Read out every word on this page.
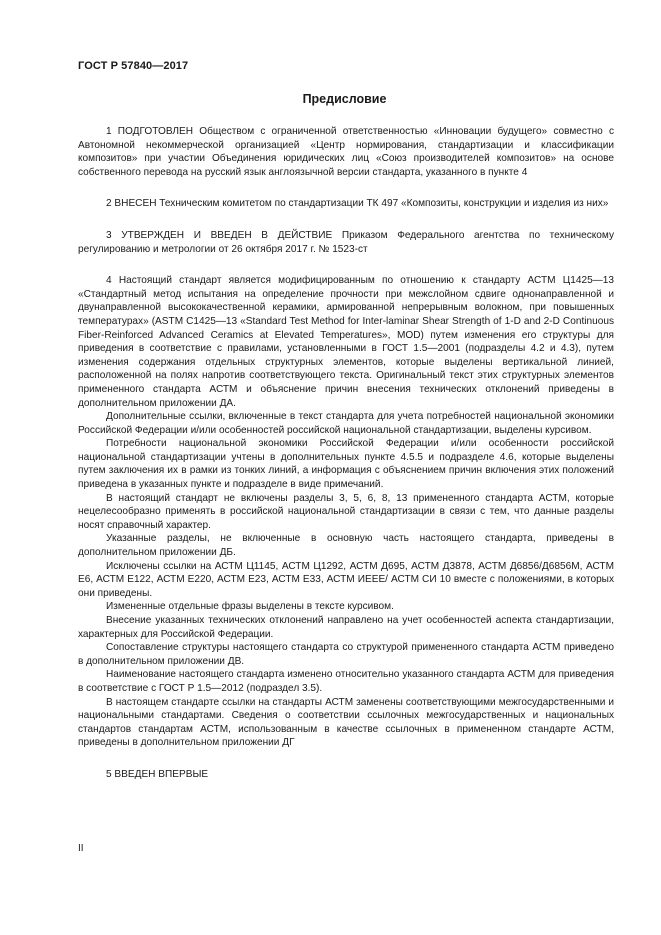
ГОСТ Р 57840—2017
Предисловие

1 ПОДГОТОВЛЕН Обществом с ограниченной ответственностью «Инновации будущего» совместно с Автономной некоммерческой организацией «Центр нормирования, стандартизации и классификации композитов» при участии Объединения юридических лиц «Союз производителей композитов» на основе собственного перевода на русский язык англоязычной версии стандарта, указанного в пункте 4

2 ВНЕСЕН Техническим комитетом по стандартизации ТК 497 «Композиты, конструкции и изделия из них»

3 УТВЕРЖДЕН И ВВЕДЕН В ДЕЙСТВИЕ Приказом Федерального агентства по техническому регулированию и метрологии от 26 октября 2017 г. № 1523-ст

4 Настоящий стандарт является модифицированным по отношению к стандарту АСТМ Ц1425—13 «Стандартный метод испытания на определение прочности при межслойном сдвиге однонаправленной и двунаправленной высококачественной керамики, армированной непрерывным волокном, при повышенных температурах» (ASTM C1425—13 «Standard Test Method for Inter-laminar Shear Strength of 1-D and 2-D Continuous Fiber-Reinforced Advanced Ceramics at Elevated Temperatures», MOD) путем изменения его структуры для приведения в соответствие с правилами, установленными в ГОСТ 1.5—2001 (подразделы 4.2 и 4.3), путем изменения содержания отдельных структурных элементов, которые выделены вертикальной линией, расположенной на полях напротив соответствующего текста. Оригинальный текст этих структурных элементов примененного стандарта АСТМ и объяснение причин внесения технических отклонений приведены в дополнительном приложении ДА.

Дополнительные ссылки, включенные в текст стандарта для учета потребностей национальной экономики Российской Федерации и/или особенностей российской национальной стандартизации, выделены курсивом.

Потребности национальной экономики Российской Федерации и/или особенности российской национальной стандартизации учтены в дополнительных пункте 4.5.5 и подразделе 4.6, которые выделены путем заключения их в рамки из тонких линий, а информация с объяснением причин включения этих положений приведена в указанных пункте и подразделе в виде примечаний.

В настоящий стандарт не включены разделы 3, 5, 6, 8, 13 примененного стандарта АСТМ, которые нецелесообразно применять в российской национальной стандартизации в связи с тем, что данные разделы носят справочный характер.

Указанные разделы, не включенные в основную часть настоящего стандарта, приведены в дополнительном приложении ДБ.

Исключены ссылки на АСТМ Ц1145, АСТМ Ц1292, АСТМ Д695, АСТМ Д3878, АСТМ Д6856/Д6856М, АСТМ Е6, АСТМ Е122, АСТМ Е220, АСТМ Е23, АСТМ Е33, АСТМ ИЕЕЕ/ АСТМ СИ 10 вместе с положениями, в которых они приведены.

Измененные отдельные фразы выделены в тексте курсивом.

Внесение указанных технических отклонений направлено на учет особенностей аспекта стандартизации, характерных для Российской Федерации.

Сопоставление структуры настоящего стандарта со структурой примененного стандарта АСТМ приведено в дополнительном приложении ДВ.

Наименование настоящего стандарта изменено относительно указанного стандарта АСТМ для приведения в соответствие с ГОСТ Р 1.5—2012 (подраздел 3.5).

В настоящем стандарте ссылки на стандарты АСТМ заменены соответствующими межгосударственными и национальными стандартами. Сведения о соответствии ссылочных межгосударственных и национальных стандартов стандартам АСТМ, использованным в качестве ссылочных в примененном стандарте АСТМ, приведены в дополнительном приложении ДГ

5 ВВЕДЕН ВПЕРВЫЕ

II
